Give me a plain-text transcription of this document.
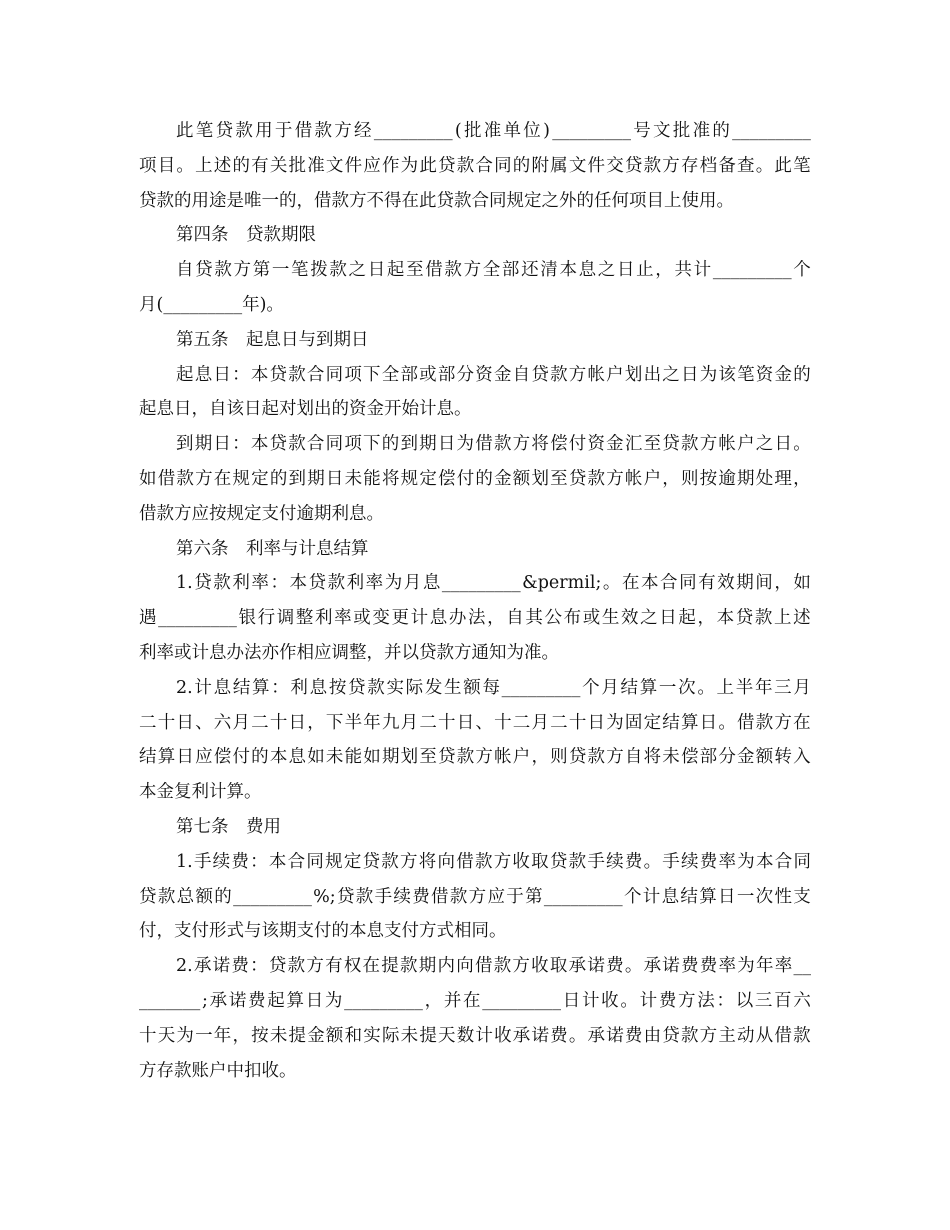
此 笔 贷 款 用 于 借 款 方 经 _________ ( 批 准 单 位 ) _________ 号 文 批 准 的 _________
项 目 。 上 述 的 有 关 批 准 文 件 应 作 为 此 贷 款 合 同 的 附 属 文 件 交 贷 款 方 存 档 备 查 。 此 笔
贷款的用途是唯一的，借款方不得在此贷款合同规定之外的任何项目上使用。
第四条　贷款期限
自 贷 款 方 第 一 笔 拨 款 之 日 起 至 借 款 方 全 部 还 清 本 息 之 日 止 ， 共 计 _________ 个
月(_________年)。
第五条　起息日与到期日
起 息 日 ： 本 贷 款 合 同 项 下 全 部 或 部 分 资 金 自 贷 款 方 帐 户 划 出 之 日 为 该 笔 资 金 的
起息日，自该日起对划出的资金开始计息。
到 期 日 ： 本 贷 款 合 同 项 下 的 到 期 日 为 借 款 方 将 偿 付 资 金 汇 至 贷 款 方 帐 户 之 日 。
如 借 款 方 在 规 定 的 到 期 日 未 能 将 规 定 偿 付 的 金 额 划 至 贷 款 方 帐 户 ， 则 按 逾 期 处 理 ，
借款方应按规定支付逾期利息。
第六条　利率与计息结算
1. 贷 款 利 率 ： 本 贷 款 利 率 为 月 息 _________ &permil; 。 在 本 合 同 有 效 期 间 ， 如
遇 _________ 银 行 调 整 利 率 或 变 更 计 息 办 法 ， 自 其 公 布 或 生 效 之 日 起 ， 本 贷 款 上 述
利率或计息办法亦作相应调整，并以贷款方通知为准。
2. 计 息 结 算 ： 利 息 按 贷 款 实 际 发 生 额 每 _________ 个 月 结 算 一 次 。 上 半 年 三 月
二 十 日 、 六 月 二 十 日 ， 下 半 年 九 月 二 十 日 、 十 二 月 二 十 日 为 固 定 结 算 日 。 借 款 方 在
结 算 日 应 偿 付 的 本 息 如 未 能 如 期 划 至 贷 款 方 帐 户 ， 则 贷 款 方 自 将 未 偿 部 分 金 额 转 入
本金复利计算。
第七条　费用
1. 手 续 费 ： 本 合 同 规 定 贷 款 方 将 向 借 款 方 收 取 贷 款 手 续 费 。 手 续 费 率 为 本 合 同
贷 款 总 额 的 _________ %; 贷 款 手 续 费 借 款 方 应 于 第 _________ 个 计 息 结 算 日 一 次 性 支
付，支付形式与该期支付的本息支付方式相同。
2. 承 诺 费 ： 贷 款 方 有 权 在 提 款 期 内 向 借 款 方 收 取 承 诺 费 。 承 诺 费 费 率 为 年 率 __
_______ ; 承 诺 费 起 算 日 为 _________ ， 并 在 _________ 日 计 收 。 计 费 方 法 ： 以 三 百 六
十 天 为 一 年 ， 按 未 提 金 额 和 实 际 未 提 天 数 计 收 承 诺 费 。 承 诺 费 由 贷 款 方 主 动 从 借 款
方存款账户中扣收。
